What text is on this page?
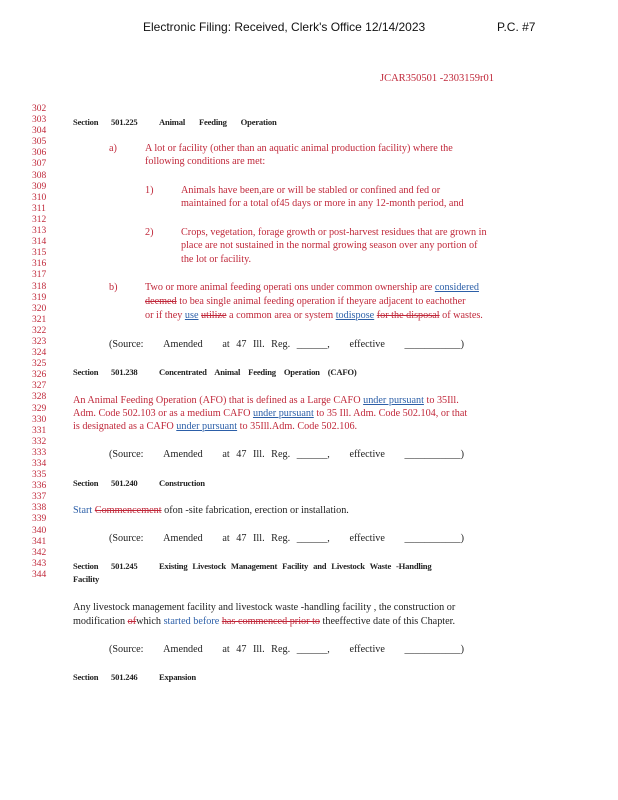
Electronic Filing: Received, Clerk's Office 12/14/2023	P.C. #7
JCAR350501 -2303159r01
302
303
304
305
306
307
308
309
310
311
312
313
314
315
316
317
318
319
320
321
322
323
324
325
326
327
328
329
330
331
332
333
334
335
336
337
338
339
340
341
342
343
344
Section 501.225 Animal Feeding Operation
a)	A lot or facility (other than an aquatic animal production facility) where the
following conditions are met:
1)	Animals have been,are or will be stabled or confined and fed or
maintained for a total of45 days or more in any 12-month period, and
2)	Crops, vegetation, forage growth or post-harvest residues that are grown in
place are not sustained in the normal growing season over any portion of
the lot or facility.
b)	Two or more animal feeding operati ons under common ownership are considered
deemed to bea single animal feeding operation if theyare adjacent to eachother
or if they use utilize a common area or system todispose for the disposal of wastes.
(Source: Amended at 47 Ill. Reg. ______, effective ___________)
Section 501.238 Concentrated Animal Feeding Operation (CAFO)
An Animal Feeding Operation (AFO) that is defined as a Large CAFO under pursuant to 35Ill.
Adm. Code 502.103 or as a medium CAFO under pursuant to 35 Ill. Adm. Code 502.104, or that
is designated as a CAFO under pursuant to 35Ill.Adm. Code 502.106.
(Source: Amended at 47 Ill. Reg. ______, effective ___________)
Section 501.240 Construction
Start Commencement ofon -site fabrication, erection or installation.
(Source: Amended at 47 Ill. Reg. ______, effective ___________)
Section 501.245 Existing Livestock Management Facility and Livestock Waste -Handling
Facility
Any livestock management facility and livestock waste -handling facility , the construction or
modification ofwhich started before has commenced prior to theeffective date of this Chapter.
(Source: Amended at 47 Ill. Reg. ______, effective ___________)
Section 501.246 Expansion
